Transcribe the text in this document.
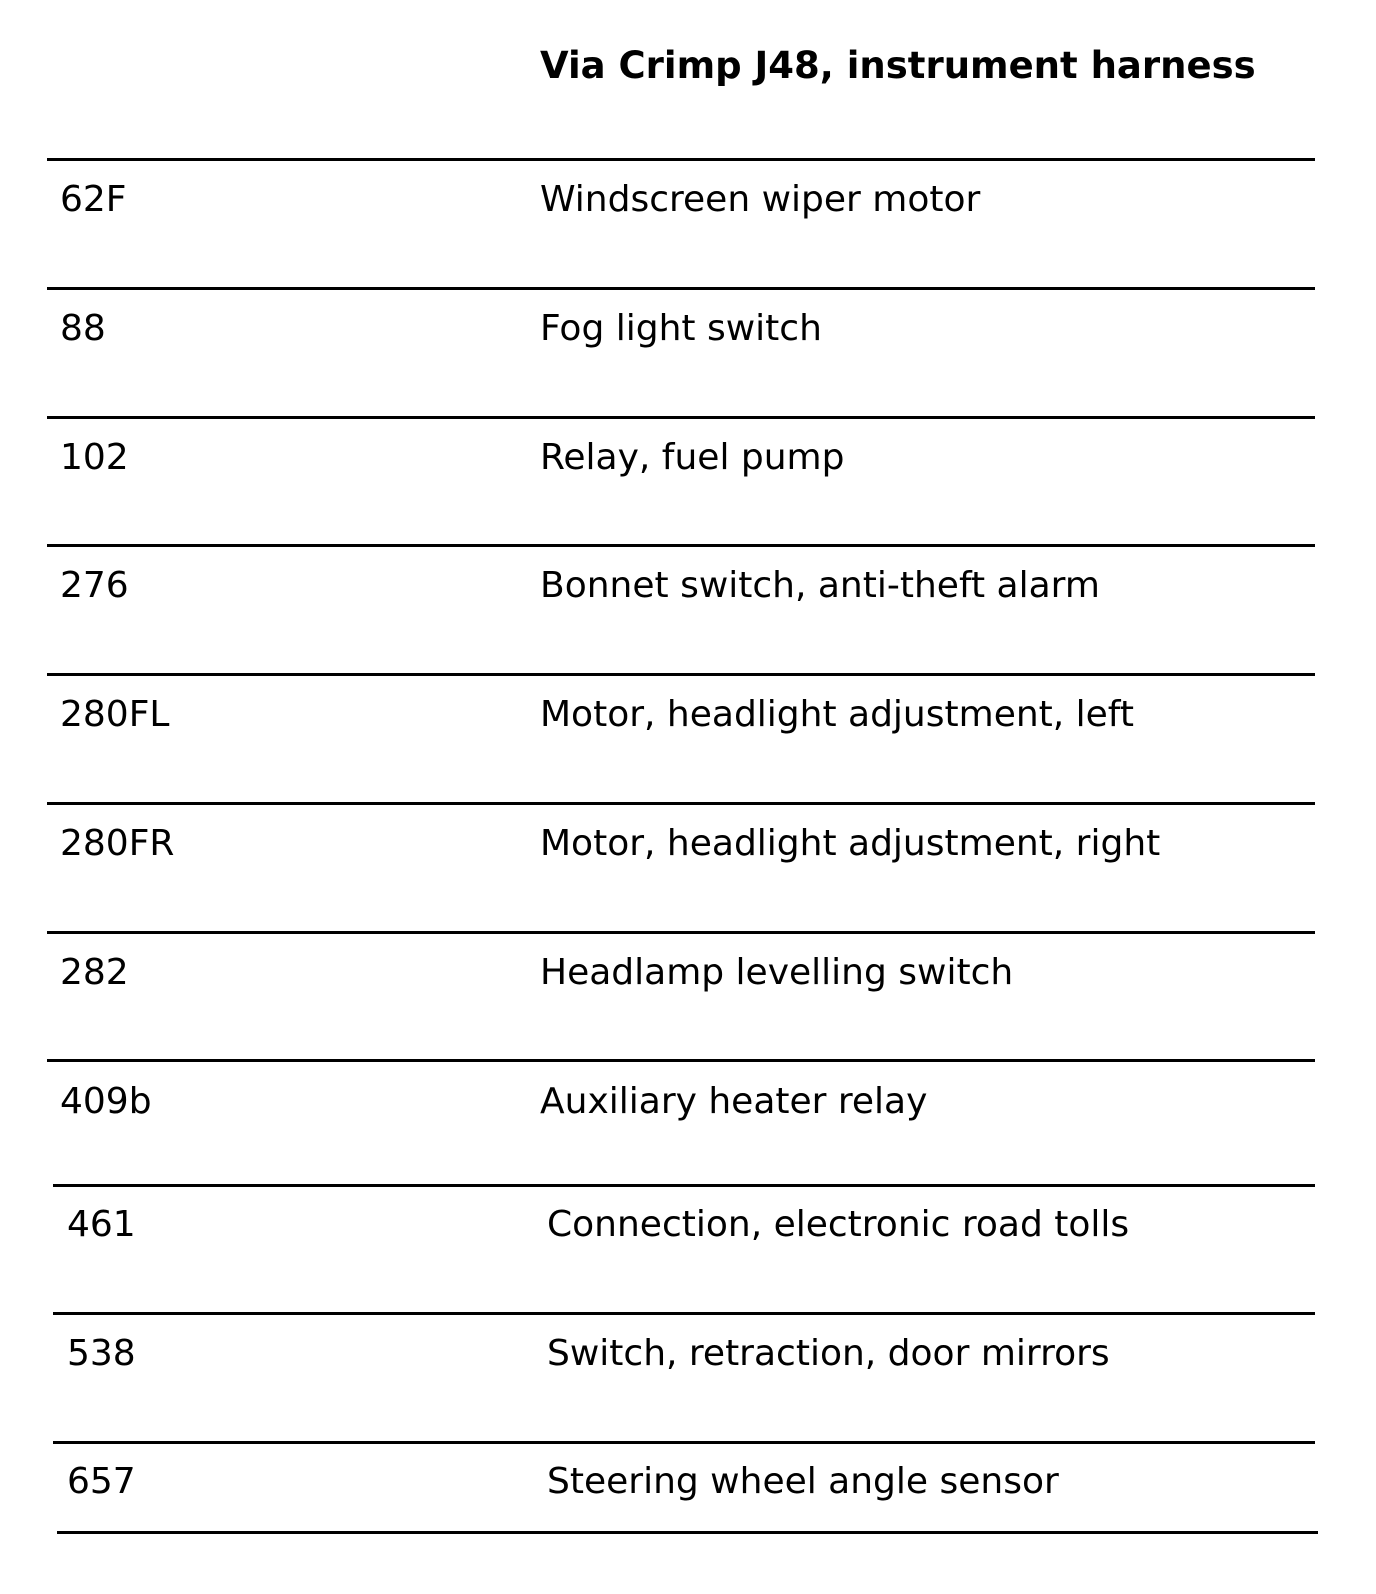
Via Crimp J48, instrument harness
62F	Windscreen wiper motor
88	Fog light switch
102	Relay, fuel pump
276	Bonnet switch, anti-theft alarm
280FL	Motor, headlight adjustment, left
280FR	Motor, headlight adjustment, right
282	Headlamp levelling switch
409b	Auxiliary heater relay
461	Connection, electronic road tolls
538	Switch, retraction, door mirrors
657	Steering wheel angle sensor
